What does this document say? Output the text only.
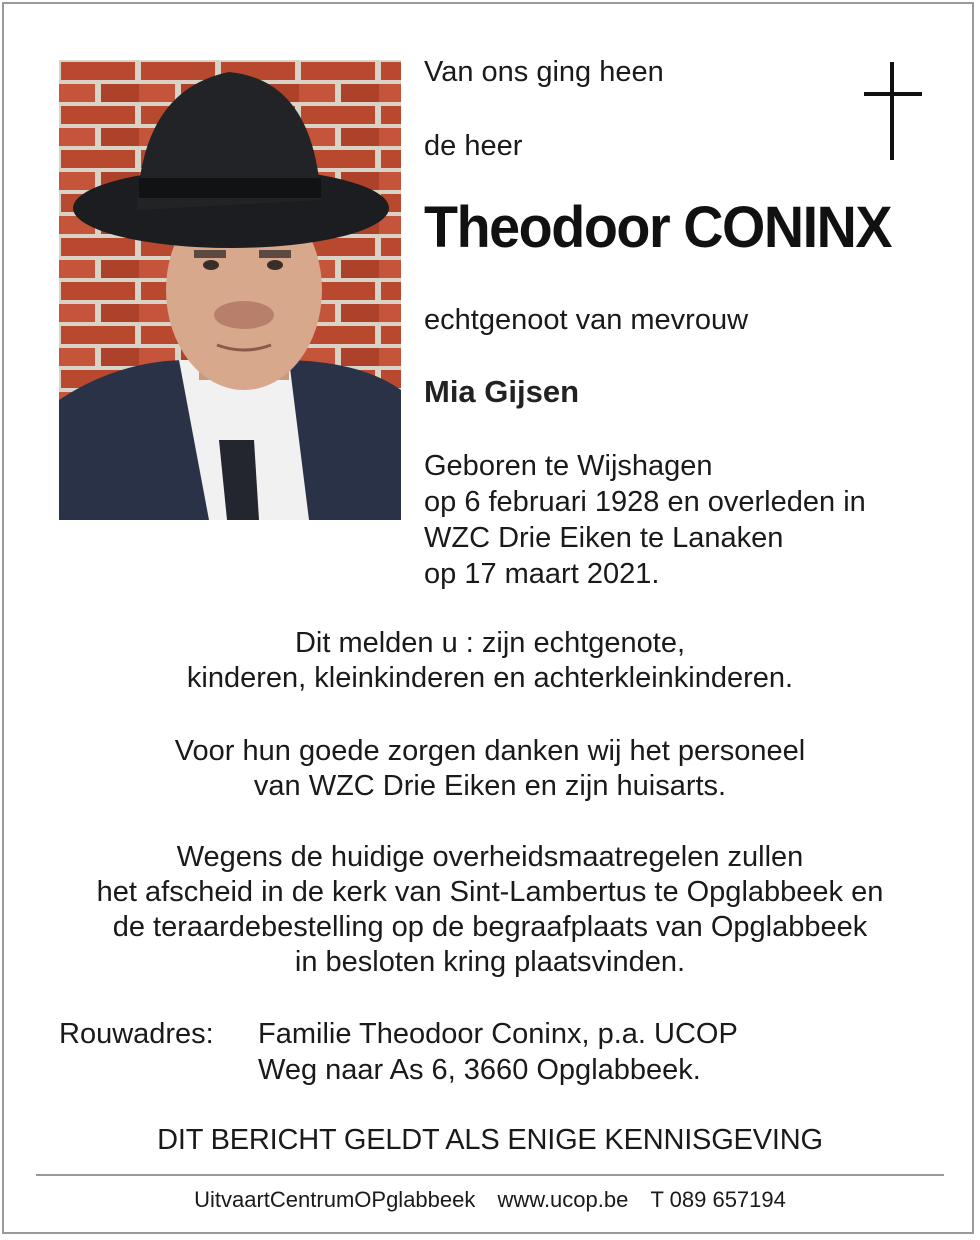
Van ons ging heen
de heer
Theodoor CONINX
echtgenoot van mevrouw
Mia Gijsen
Geboren te Wijshagen
op 6 februari 1928 en overleden in
WZC Drie Eiken te Lanaken
op 17 maart 2021.
Dit melden u : zijn echtgenote,
kinderen, kleinkinderen en achterkleinkinderen.
Voor hun goede zorgen danken wij het personeel
van WZC Drie Eiken en zijn huisarts.
Wegens de huidige overheidsmaatregelen zullen
het afscheid in de kerk van Sint-Lambertus te Opglabbeek en
de teraardebestelling op de begraafplaats van Opglabbeek
in besloten kring plaatsvinden.
Rouwadres: Familie Theodoor Coninx, p.a. UCOP
Weg naar As 6, 3660 Opglabbeek.
DIT BERICHT GELDT ALS ENIGE KENNISGEVING
UitvaartCentrumOPglabbeek www.ucop.be T 089 657194
